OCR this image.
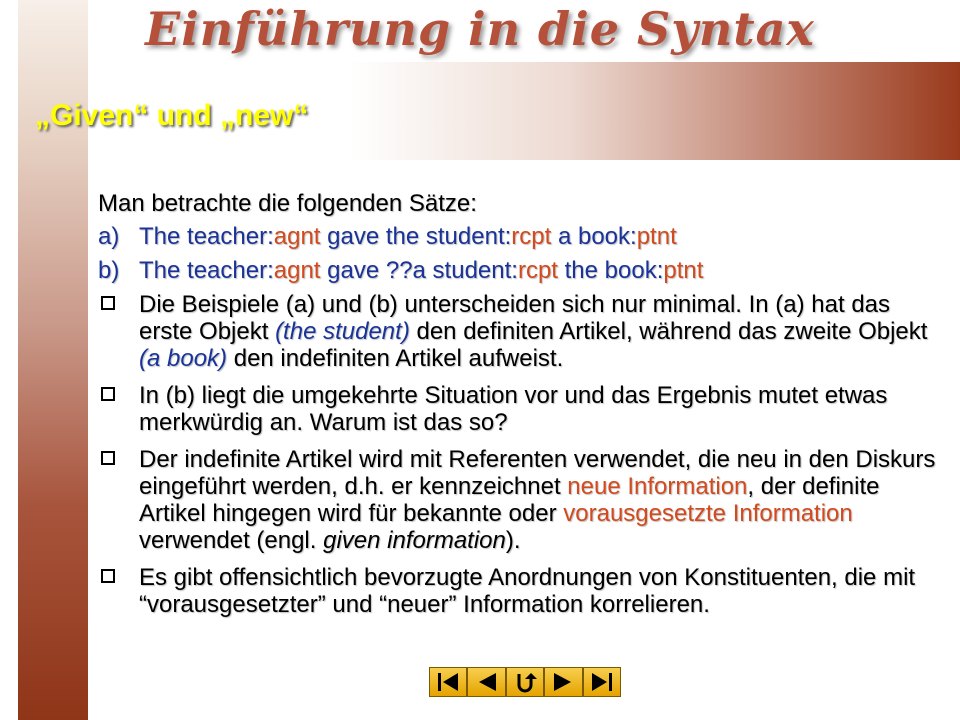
Einführung in die Syntax
„Given“ und „new“

Man betrachte die folgenden Sätze:

a) The teacher:agnt gave the student:rcpt a book:ptnt

b) The teacher:agnt gave ??a student:rcpt the book:ptnt

Die Beispiele (a) und (b) unterscheiden sich nur minimal. In (a) hat das erste Objekt (the student) den definiten Artikel, während das zweite Objekt (a book) den indefiniten Artikel aufweist.

In (b) liegt die umgekehrte Situation vor und das Ergebnis mutet etwas merkwürdig an. Warum ist das so?

Der indefinite Artikel wird mit Referenten verwendet, die neu in den Diskurs eingeführt werden, d.h. er kennzeichnet neue Information, der definite Artikel hingegen wird für bekannte oder vorausgesetzte Information verwendet (engl. given information).

Es gibt offensichtlich bevorzugte Anordnungen von Konstituenten, die mit “vorausgesetzter” und “neuer” Information korrelieren.
